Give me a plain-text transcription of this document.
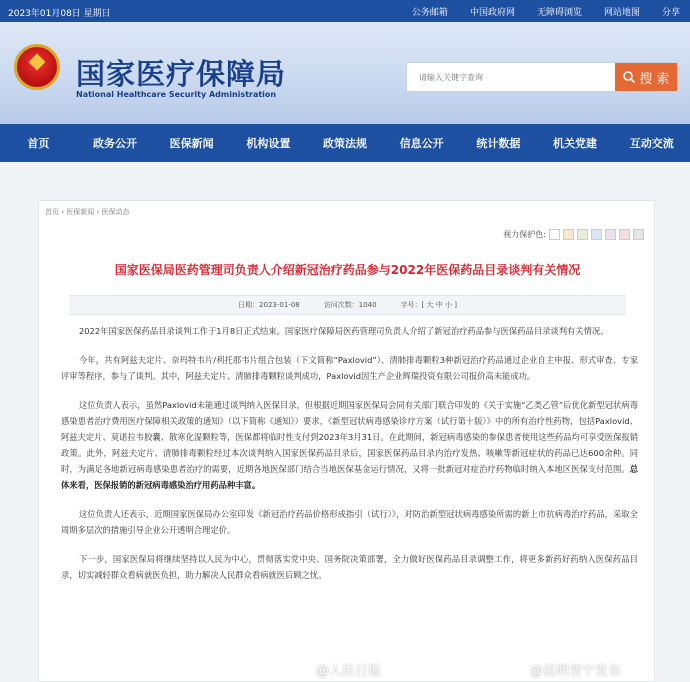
2023年01月08日 星期日	公务邮箱 中国政府网 无障碍浏览 网站地图 分享
国家医疗保障局
National Healthcare Security Administration
请输入关键字查询
搜 索
首页	政务公开	医保新闻	机构设置	政策法规	信息公开	统计数据	机关党建	互动交流
首页 › 医保新闻 › 医保动态
视力保护色:
国家医保局医药管理司负责人介绍新冠治疗药品参与2022年医保药品目录谈判有关情况
日期：2023-01-08	访问次数：1040	字号：[ 大 中 小 ]

2022年国家医保药品目录谈判工作于1月8日正式结束。国家医疗保障局医药管理司负责人介绍了新冠治疗药品参与医保药品目录谈判有关情况。

今年，共有阿兹夫定片、奈玛特韦片/利托那韦片组合包装（下文简称“Paxlovid”）、清肺排毒颗粒3种新冠治疗药品通过企业自主申报、形式审查、专家评审等程序，参与了谈判。其中，阿兹夫定片、清肺排毒颗粒谈判成功，Paxlovid因生产企业辉瑞投资有限公司报价高未能成功。

这位负责人表示，虽然Paxlovid未能通过谈判纳入医保目录，但根据近期国家医保局会同有关部门联合印发的《关于实施“乙类乙管”后优化新型冠状病毒感染患者治疗费用医疗保障相关政策的通知》（以下简称《通知》）要求，《新型冠状病毒感染诊疗方案（试行第十版）》中的所有治疗性药物，包括Paxlovid、阿兹夫定片、莫诺拉韦胶囊、散寒化湿颗粒等，医保都将临时性支付到2023年3月31日。在此期间，新冠病毒感染的参保患者使用这些药品均可享受医保报销政策。此外，阿兹夫定片、清肺排毒颗粒经过本次谈判纳入国家医保药品目录后，国家医保药品目录内治疗发热、咳嗽等新冠症状的药品已达600余种。同时，为满足各地新冠病毒感染患者治疗的需要，近期各地医保部门结合当地医保基金运行情况，又将一批新冠对症治疗药物临时纳入本地区医保支付范围。总体来看，医保报销的新冠病毒感染治疗用药品种丰富。

这位负责人还表示，近期国家医保局办公室印发《新冠治疗药品价格形成指引（试行）》，对防治新型冠状病毒感染所需的新上市抗病毒治疗药品，采取全周期多层次的措施引导企业公开透明合理定价。

下一步，国家医保局将继续坚持以人民为中心，贯彻落实党中央、国务院决策部署，全力做好医保药品目录调整工作，将更多新药好药纳入医保药品目录，切实减轻群众看病就医负担，助力解决人民群众看病就医后顾之忧。

@人民日报	@昆明晋宁发布
